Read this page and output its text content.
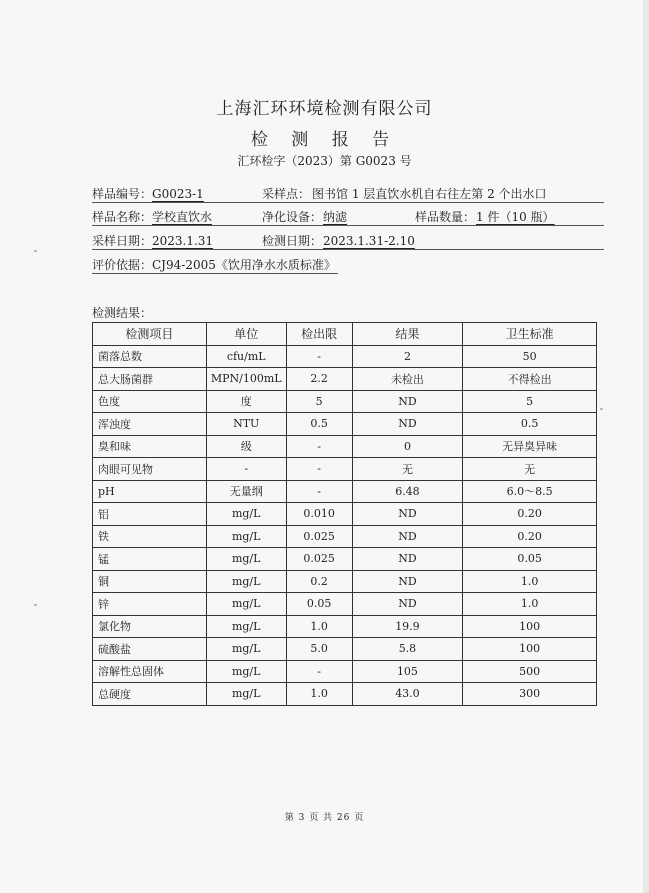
上海汇环环境检测有限公司
检 测 报 告
汇环检字（2023）第 G0023 号
样品编号： G0023-1	采样点： 图书馆 1 层直饮水机自右往左第 2 个出水口
样品名称： 学校直饮水	净化设备： 纳滤	样品数量： 1 件（10 瓶）
采样日期： 2023.1.31	检测日期： 2023.1.31-2.10
评价依据： CJ94-2005《饮用净水水质标准》
检测结果：
检测项目	单位	检出限	结果	卫生标准
菌落总数	cfu/mL	-	2	50
总大肠菌群	MPN/100mL	2.2	未检出	不得检出
色度	度	5	ND	5
浑浊度	NTU	0.5	ND	0.5
臭和味	级	-	0	无异臭异味
肉眼可见物	-	-	无	无
pH	无量纲	-	6.48	6.0～8.5
铝	mg/L	0.010	ND	0.20
铁	mg/L	0.025	ND	0.20
锰	mg/L	0.025	ND	0.05
铜	mg/L	0.2	ND	1.0
锌	mg/L	0.05	ND	1.0
氯化物	mg/L	1.0	19.9	100
硫酸盐	mg/L	5.0	5.8	100
溶解性总固体	mg/L	-	105	500
总硬度	mg/L	1.0	43.0	300
第 3 页 共 26 页
